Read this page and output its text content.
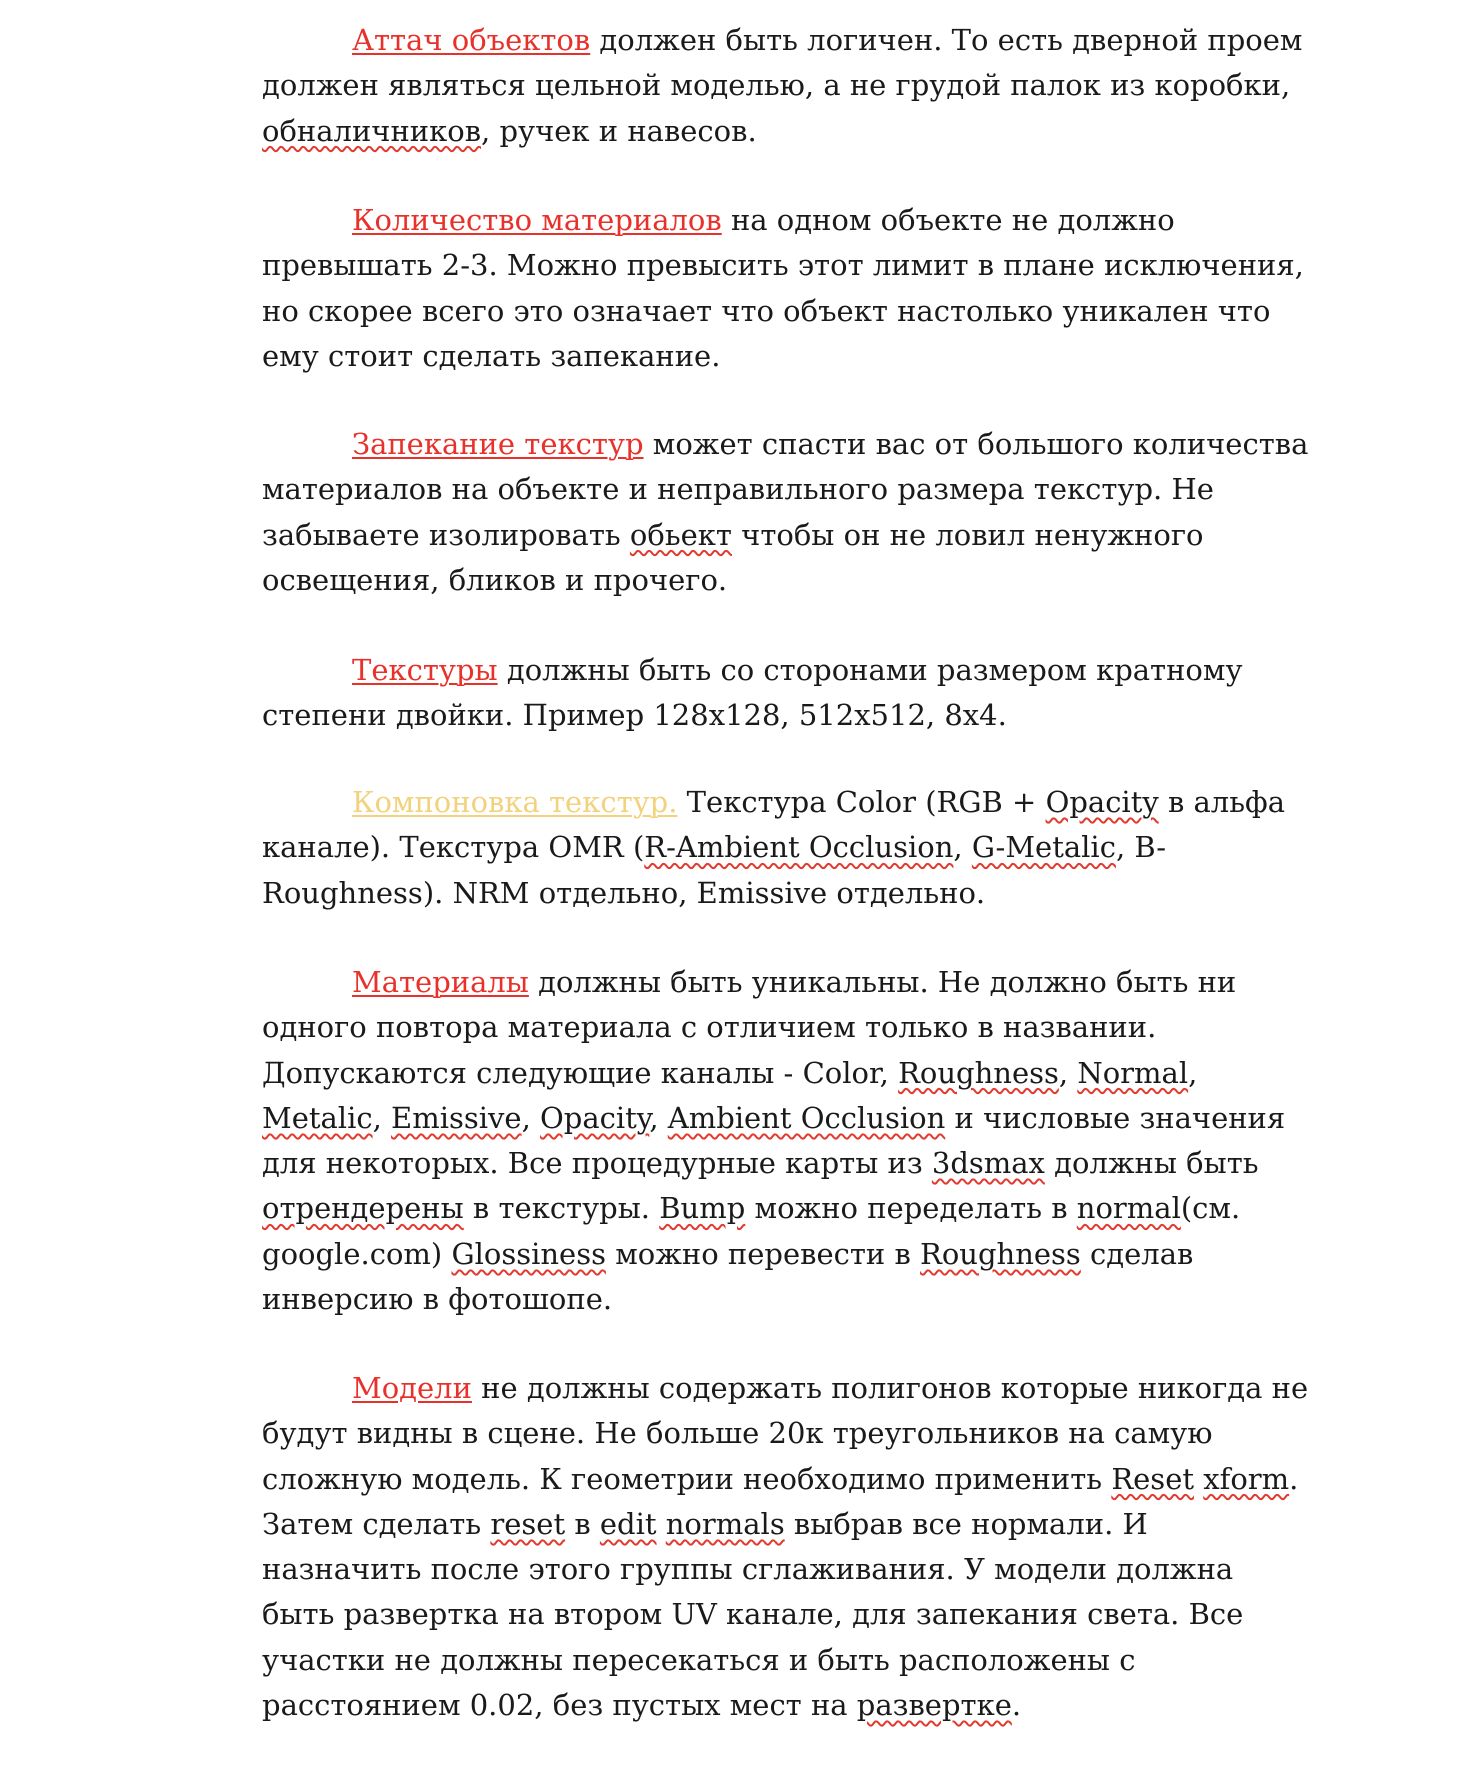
Аттач объектов должен быть логичен. То есть дверной проем должен являться цельной моделью, а не грудой палок из коробки, обналичников, ручек и навесов.

Количество материалов на одном объекте не должно превышать 2-3. Можно превысить этот лимит в плане исключения, но скорее всего это означает что объект настолько уникален что ему стоит сделать запекание.

Запекание текстур может спасти вас от большого количества материалов на объекте и неправильного размера текстур. Не забываете изолировать обьект чтобы он не ловил ненужного освещения, бликов и прочего.

Текстуры должны быть со сторонами размером кратному степени двойки. Пример 128x128, 512x512, 8x4.

Компоновка текстур. Текстура Color (RGB + Opacity в альфа канале). Текстура OMR (R-Ambient Occlusion, G-Metalic, B-Roughness). NRM отдельно, Emissive отдельно.

Материалы должны быть уникальны. Не должно быть ни одного повтора материала с отличием только в названии. Допускаются следующие каналы - Color, Roughness, Normal, Metalic, Emissive, Opacity, Ambient Occlusion и числовые значения для некоторых. Все процедурные карты из 3dsmax должны быть отрендерены в текстуры. Bump можно переделать в normal(см. google.com) Glossiness можно перевести в Roughness сделав инверсию в фотошопе.

Модели не должны содержать полигонов которые никогда не будут видны в сцене. Не больше 20к треугольников на самую сложную модель. К геометрии необходимо применить Reset xform. Затем сделать reset в edit normals выбрав все нормали. И назначить после этого группы сглаживания. У модели должна быть развертка на втором UV канале, для запекания света. Все участки не должны пересекаться и быть расположены с расстоянием 0.02, без пустых мест на развертке.
